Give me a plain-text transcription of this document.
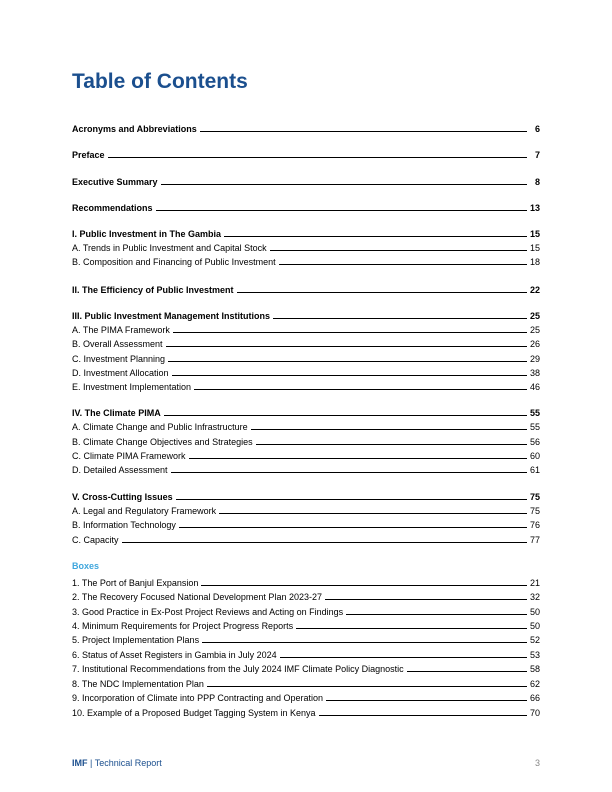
Table of Contents
Acronyms and Abbreviations	6
Preface	7
Executive Summary	8
Recommendations	13
I. Public Investment in The Gambia	15
A. Trends in Public Investment and Capital Stock	15
B. Composition and Financing of Public Investment	18
II. The Efficiency of Public Investment	22
III. Public Investment Management Institutions	25
A. The PIMA Framework	25
B. Overall Assessment	26
C. Investment Planning	29
D. Investment Allocation	38
E. Investment Implementation	46
IV. The Climate PIMA	55
A. Climate Change and Public Infrastructure	55
B. Climate Change Objectives and Strategies	56
C. Climate PIMA Framework	60
D. Detailed Assessment	61
V. Cross-Cutting Issues	75
A. Legal and Regulatory Framework	75
B. Information Technology	76
C. Capacity	77
Boxes
1. The Port of Banjul Expansion	21
2. The Recovery Focused National Development Plan 2023-27	32
3. Good Practice in Ex-Post Project Reviews and Acting on Findings	50
4. Minimum Requirements for Project Progress Reports	50
5. Project Implementation Plans	52
6. Status of Asset Registers in Gambia in July 2024	53
7. Institutional Recommendations from the July 2024 IMF Climate Policy Diagnostic	58
8. The NDC Implementation Plan	62
9. Incorporation of Climate into PPP Contracting and Operation	66
10. Example of a Proposed Budget Tagging System in Kenya	70
IMF | Technical Report	3
